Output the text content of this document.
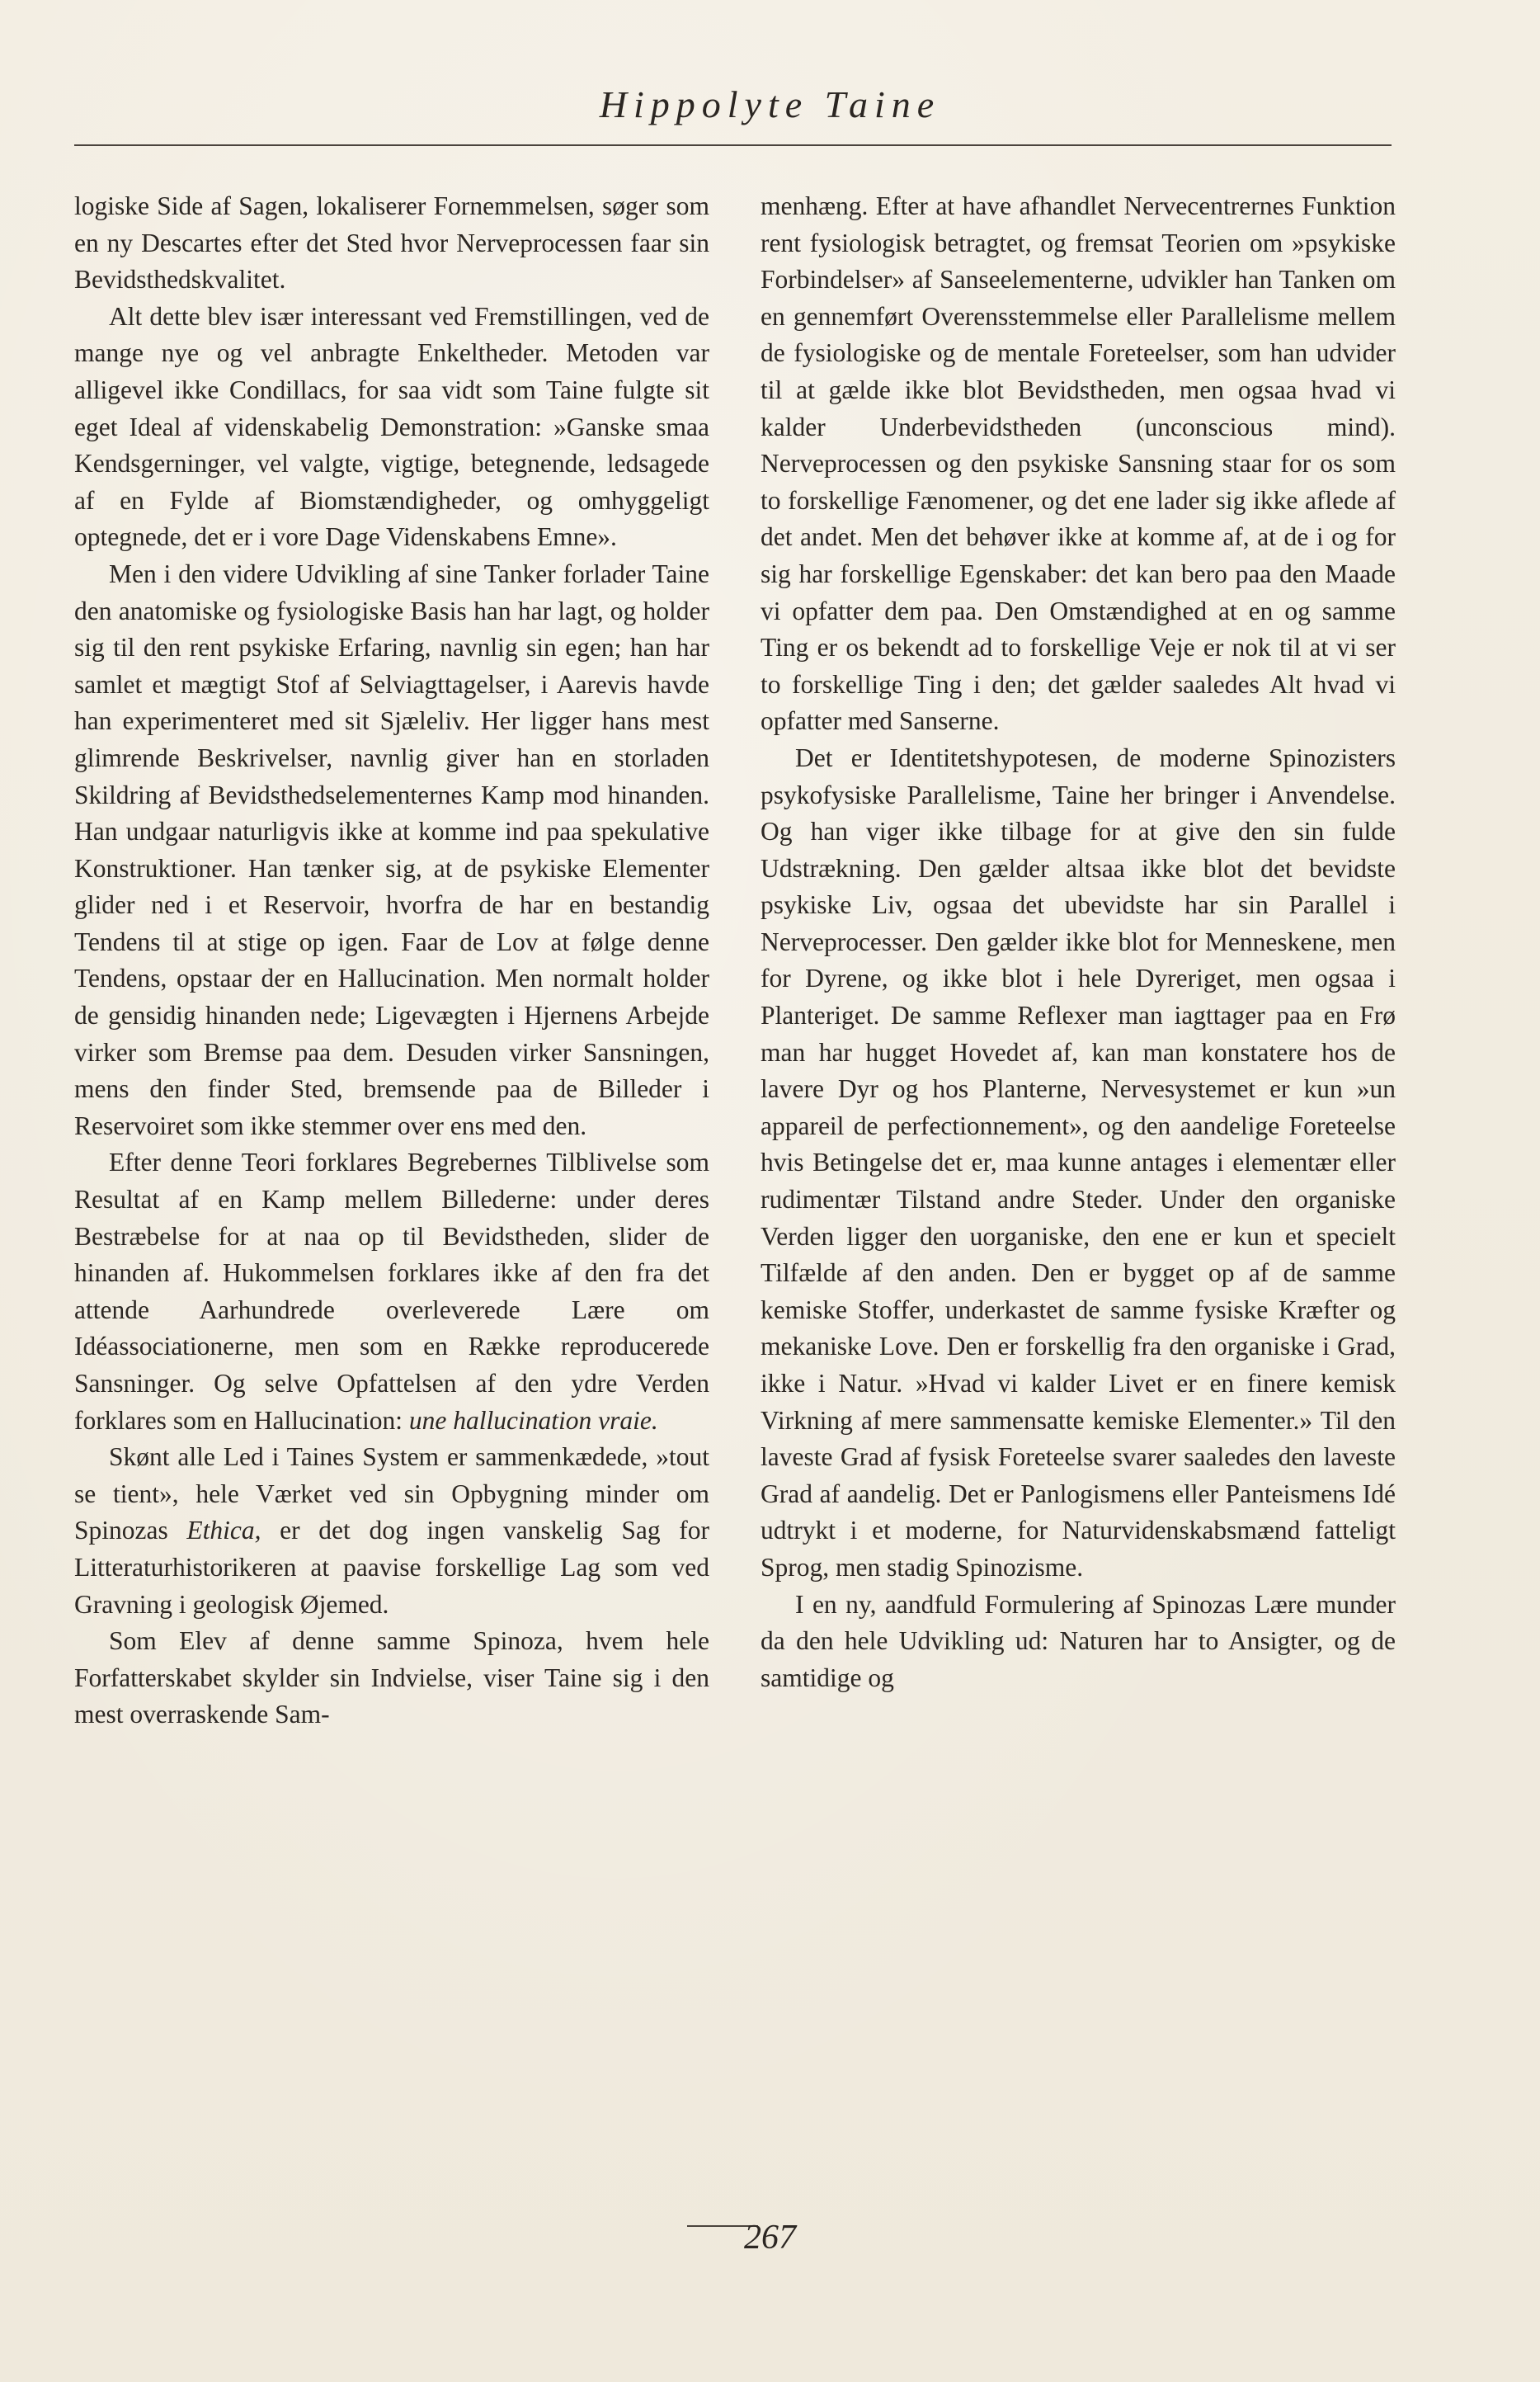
Hippolyte Taine

logiske Side af Sagen, lokaliserer Fornemmelsen, søger som en ny Descartes efter det Sted hvor Nerveprocessen faar sin Bevidsthedskvalitet.

Alt dette blev især interessant ved Fremstillingen, ved de mange nye og vel anbragte Enkeltheder. Metoden var alligevel ikke Condillacs, for saa vidt som Taine fulgte sit eget Ideal af videnskabelig Demonstration: »Ganske smaa Kendsgerninger, vel valgte, vigtige, betegnende, ledsagede af en Fylde af Biomstændigheder, og omhyggeligt optegnede, det er i vore Dage Videnskabens Emne».

Men i den videre Udvikling af sine Tanker forlader Taine den anatomiske og fysiologiske Basis han har lagt, og holder sig til den rent psykiske Erfaring, navnlig sin egen; han har samlet et mægtigt Stof af Selviagttagelser, i Aarevis havde han experimenteret med sit Sjæleliv. Her ligger hans mest glimrende Beskrivelser, navnlig giver han en storladen Skildring af Bevidsthedselementernes Kamp mod hinanden. Han undgaar naturligvis ikke at komme ind paa spekulative Konstruktioner. Han tænker sig, at de psykiske Elementer glider ned i et Reservoir, hvorfra de har en bestandig Tendens til at stige op igen. Faar de Lov at følge denne Tendens, opstaar der en Hallucination. Men normalt holder de gensidig hinanden nede; Ligevægten i Hjernens Arbejde virker som Bremse paa dem. Desuden virker Sansningen, mens den finder Sted, bremsende paa de Billeder i Reservoiret som ikke stemmer over ens med den.

Efter denne Teori forklares Begrebernes Tilblivelse som Resultat af en Kamp mellem Billederne: under deres Bestræbelse for at naa op til Bevidstheden, slider de hinanden af. Hukommelsen forklares ikke af den fra det attende Aarhundrede overleverede Lære om Idéassociationerne, men som en Række reproducerede Sansninger. Og selve Opfattelsen af den ydre Verden forklares som en Hallucination: une hallucination vraie.

Skønt alle Led i Taines System er sammenkædede, »tout se tient», hele Værket ved sin Opbygning minder om Spinozas Ethica, er det dog ingen vanskelig Sag for Litteraturhistorikeren at paavise forskellige Lag som ved Gravning i geologisk Øjemed.

Som Elev af denne samme Spinoza, hvem hele Forfatterskabet skylder sin Indvielse, viser Taine sig i den mest overraskende Sam-

menhæng. Efter at have afhandlet Nervecentrernes Funktion rent fysiologisk betragtet, og fremsat Teorien om »psykiske Forbindelser» af Sanseelementerne, udvikler han Tanken om en gennemført Overensstemmelse eller Parallelisme mellem de fysiologiske og de mentale Foreteelser, som han udvider til at gælde ikke blot Bevidstheden, men ogsaa hvad vi kalder Underbevidstheden (unconscious mind). Nerveprocessen og den psykiske Sansning staar for os som to forskellige Fænomener, og det ene lader sig ikke aflede af det andet. Men det behøver ikke at komme af, at de i og for sig har forskellige Egenskaber: det kan bero paa den Maade vi opfatter dem paa. Den Omstændighed at en og samme Ting er os bekendt ad to forskellige Veje er nok til at vi ser to forskellige Ting i den; det gælder saaledes Alt hvad vi opfatter med Sanserne.

Det er Identitetshypotesen, de moderne Spinozisters psykofysiske Parallelisme, Taine her bringer i Anvendelse. Og han viger ikke tilbage for at give den sin fulde Udstrækning. Den gælder altsaa ikke blot det bevidste psykiske Liv, ogsaa det ubevidste har sin Parallel i Nerveprocesser. Den gælder ikke blot for Menneskene, men for Dyrene, og ikke blot i hele Dyreriget, men ogsaa i Planteriget. De samme Reflexer man iagttager paa en Frø man har hugget Hovedet af, kan man konstatere hos de lavere Dyr og hos Planterne, Nervesystemet er kun »un appareil de perfectionnement», og den aandelige Foreteelse hvis Betingelse det er, maa kunne antages i elementær eller rudimentær Tilstand andre Steder. Under den organiske Verden ligger den uorganiske, den ene er kun et specielt Tilfælde af den anden. Den er bygget op af de samme kemiske Stoffer, underkastet de samme fysiske Kræfter og mekaniske Love. Den er forskellig fra den organiske i Grad, ikke i Natur. »Hvad vi kalder Livet er en finere kemisk Virkning af mere sammensatte kemiske Elementer.» Til den laveste Grad af fysisk Foreteelse svarer saaledes den laveste Grad af aandelig. Det er Panlogismens eller Panteismens Idé udtrykt i et moderne, for Naturvidenskabsmænd fatteligt Sprog, men stadig Spinozisme.

I en ny, aandfuld Formulering af Spinozas Lære munder da den hele Udvikling ud: Naturen har to Ansigter, og de samtidige og

267
